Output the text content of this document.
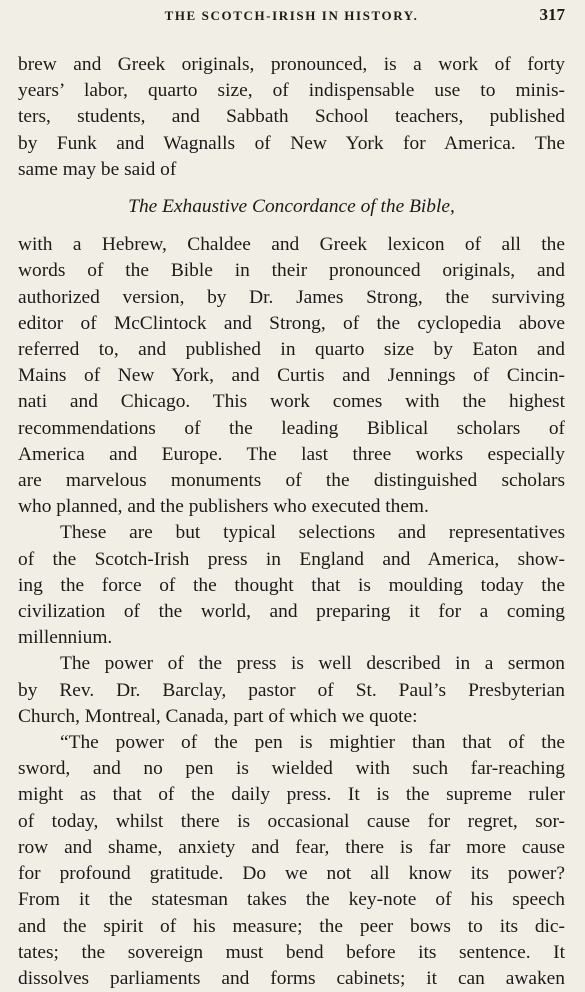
THE SCOTCH-IRISH IN HISTORY.	317
brew and Greek originals, pronounced, is a work of forty
years’ labor, quarto size, of indispensable use to minis-
ters, students, and Sabbath School teachers, published
by Funk and Wagnalls of New York for America. The
same may be said of
The Exhaustive Concordance of the Bible,
with a Hebrew, Chaldee and Greek lexicon of all the
words of the Bible in their pronounced originals, and
authorized version, by Dr. James Strong, the surviving
editor of McClintock and Strong, of the cyclopedia above
referred to, and published in quarto size by Eaton and
Mains of New York, and Curtis and Jennings of Cincin-
nati and Chicago. This work comes with the highest
recommendations of the leading Biblical scholars of
America and Europe. The last three works especially
are marvelous monuments of the distinguished scholars
who planned, and the publishers who executed them.
These are but typical selections and representatives
of the Scotch-Irish press in England and America, show-
ing the force of the thought that is moulding today the
civilization of the world, and preparing it for a coming
millennium.
The power of the press is well described in a sermon
by Rev. Dr. Barclay, pastor of St. Paul’s Presbyterian
Church, Montreal, Canada, part of which we quote:
“The power of the pen is mightier than that of the
sword, and no pen is wielded with such far-reaching
might as that of the daily press. It is the supreme ruler
of today, whilst there is occasional cause for regret, sor-
row and shame, anxiety and fear, there is far more cause
for profound gratitude. Do we not all know its power?
From it the statesman takes the key-note of his speech
and the spirit of his measure; the peer bows to its dic-
tates; the sovereign must bend before its sentence. It
dissolves parliaments and forms cabinets; it can awaken
